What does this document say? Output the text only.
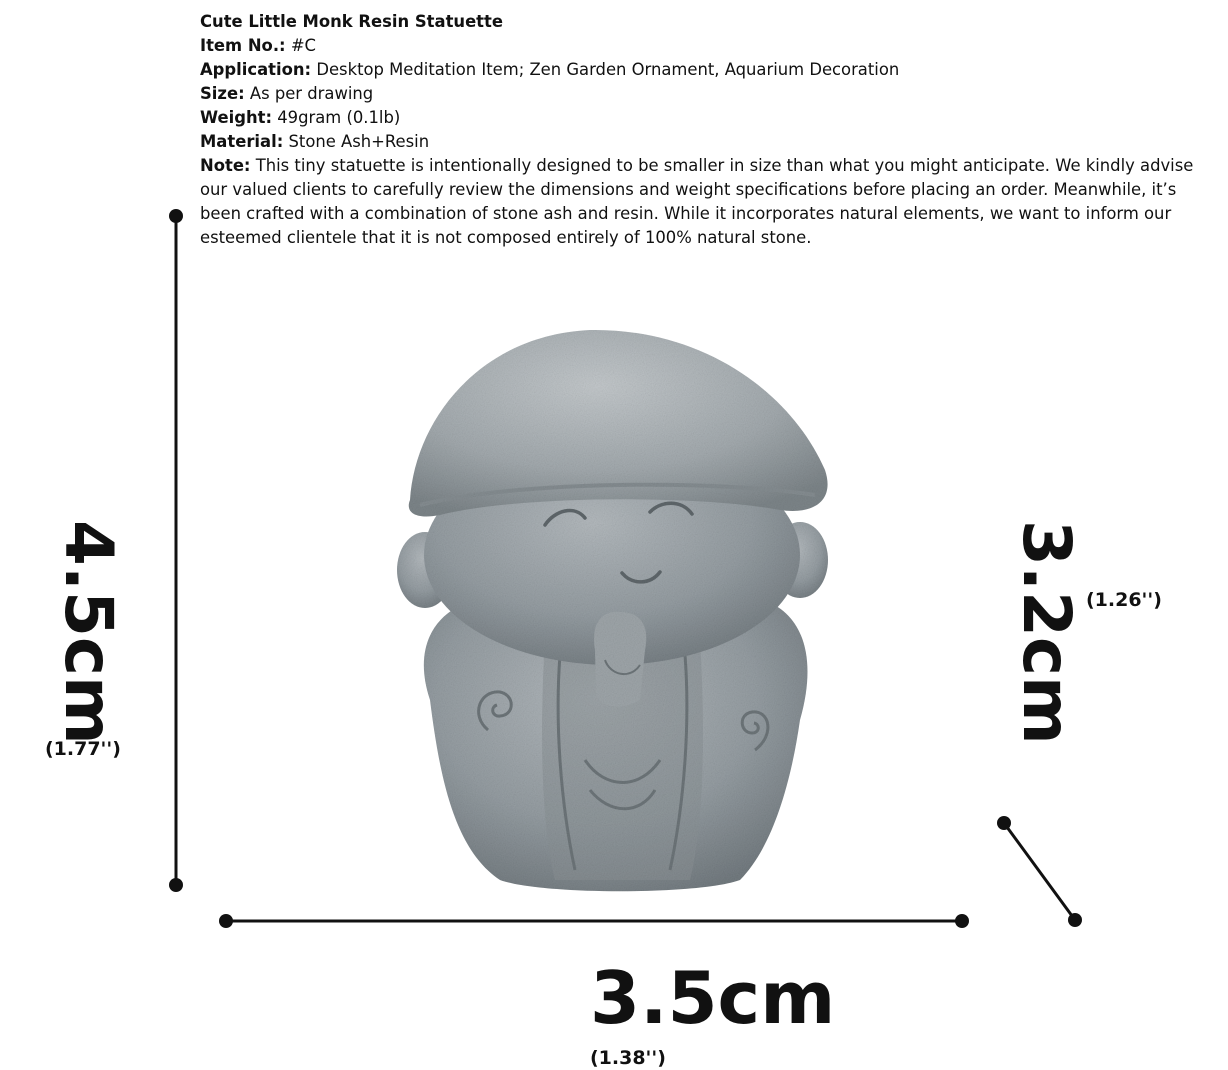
Cute Little Monk Resin Statuette
Item No.: #C
Application: Desktop Meditation Item; Zen Garden Ornament, Aquarium Decoration
Size: As per drawing
Weight: 49gram (0.1lb)
Material: Stone Ash+Resin
Note: This tiny statuette is intentionally designed to be smaller in size than what you might anticipate. We kindly advise our valued clients to carefully review the dimensions and weight specifications before placing an order. Meanwhile, it’s been crafted with a combination of stone ash and resin. While it incorporates natural elements, we want to inform our esteemed clientele that it is not composed entirely of 100% natural stone.
4.5cm	3.2cm
3.5cm
(1.77'')
(1.26'')
(1.38'')
